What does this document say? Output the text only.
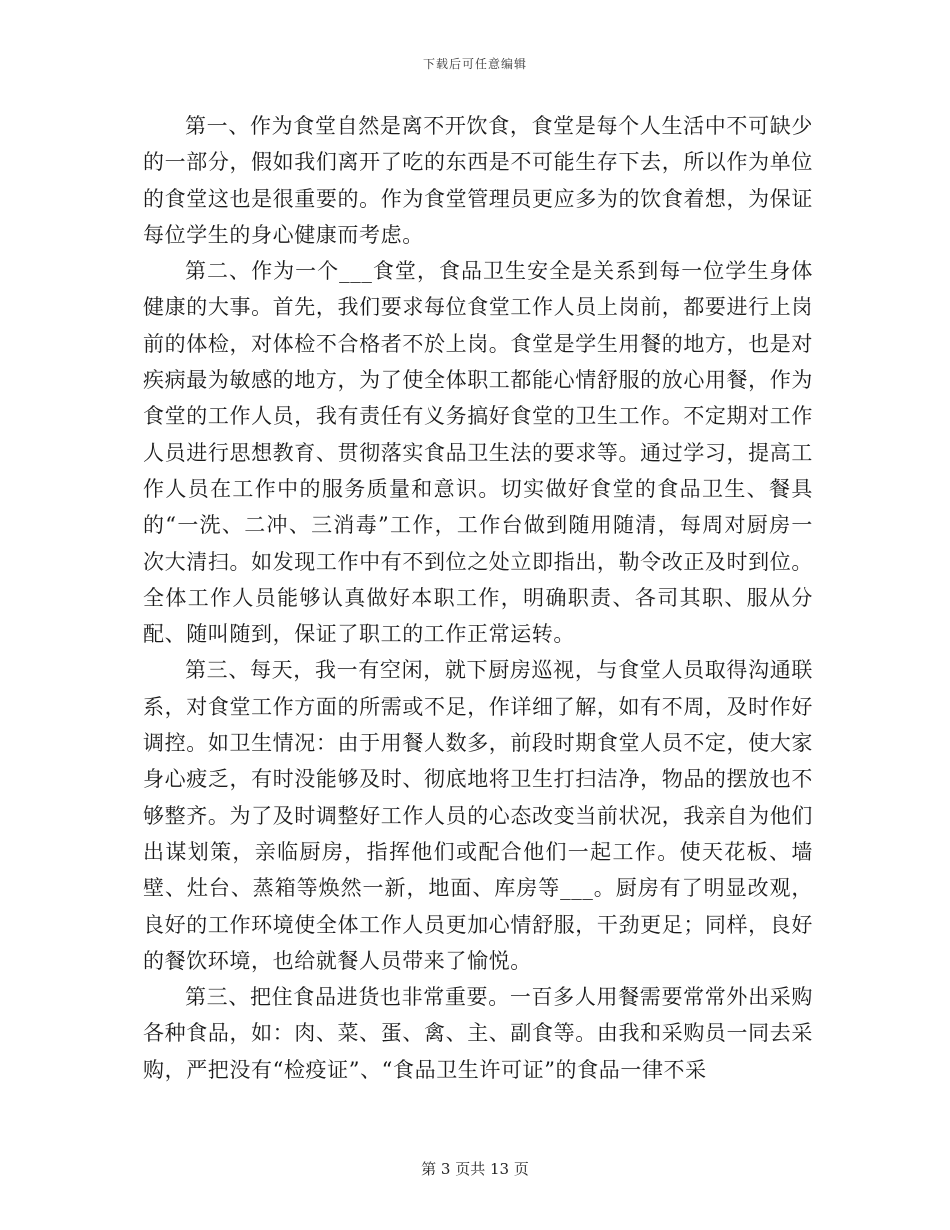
下载后可任意编辑

第一、作为食堂自然是离不开饮食，食堂是每个人生活中不可缺少的一部分，假如我们离开了吃的东西是不可能生存下去，所以作为单位的食堂这也是很重要的。作为食堂管理员更应多为的饮食着想，为保证每位学生的身心健康而考虑。

第二、作为一个___食堂，食品卫生安全是关系到每一位学生身体健康的大事。首先，我们要求每位食堂工作人员上岗前，都要进行上岗前的体检，对体检不合格者不於上岗。食堂是学生用餐的地方，也是对疾病最为敏感的地方，为了使全体职工都能心情舒服的放心用餐，作为食堂的工作人员，我有责任有义务搞好食堂的卫生工作。不定期对工作人员进行思想教育、贯彻落实食品卫生法的要求等。通过学习，提高工作人员在工作中的服务质量和意识。切实做好食堂的食品卫生、餐具的“一洗、二冲、三消毒”工作，工作台做到随用随清，每周对厨房一次大清扫。如发现工作中有不到位之处立即指出，勒令改正及时到位。全体工作人员能够认真做好本职工作，明确职责、各司其职、服从分配、随叫随到，保证了职工的工作正常运转。

第三、每天，我一有空闲，就下厨房巡视，与食堂人员取得沟通联系，对食堂工作方面的所需或不足，作详细了解，如有不周，及时作好调控。如卫生情况：由于用餐人数多，前段时期食堂人员不定，使大家身心疲乏，有时没能够及时、彻底地将卫生打扫洁净，物品的摆放也不够整齐。为了及时调整好工作人员的心态改变当前状况，我亲自为他们出谋划策，亲临厨房，指挥他们或配合他们一起工作。使天花板、墙壁、灶台、蒸箱等焕然一新，地面、库房等___。厨房有了明显改观，良好的工作环境使全体工作人员更加心情舒服，干劲更足；同样，良好的餐饮环境，也给就餐人员带来了愉悦。

第三、把住食品进货也非常重要。一百多人用餐需要常常外出采购各种食品，如：肉、菜、蛋、禽、主、副食等。由我和采购员一同去采购，严把没有“检疫证”、“食品卫生许可证”的食品一律不采

第 3 页共 13 页
